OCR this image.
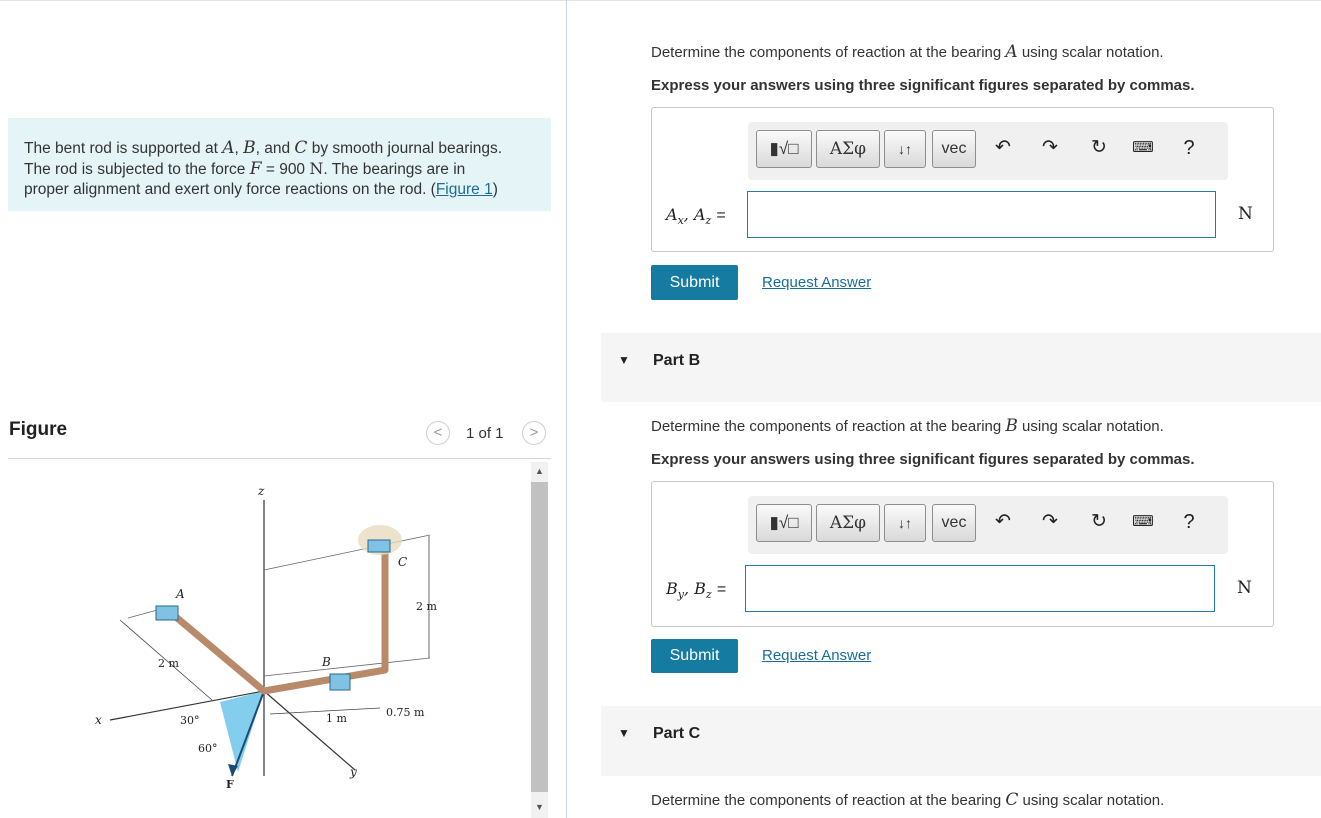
The bent rod is supported at A, B, and C by smooth journal bearings.
The rod is subjected to the force F = 900 N. The bearings are in
proper alignment and exert only force reactions on the rod. (Figure 1)
Figure	<	1 of 1	>
z
x
y
A
B
C
F
2 m
2 m
1 m	0.75 m
30°
60°
▲
▼
Determine the components of reaction at the bearing A using scalar notation.
Express your answers using three significant figures separated by commas.
▮√□	ΑΣφ	↓↑	vec	↶	↷	↻	⌨	?
$A_x$, $A_z$ =	N
Submit	Request Answer
▼ Part B
Determine the components of reaction at the bearing B using scalar notation.
Express your answers using three significant figures separated by commas.
▮√□	ΑΣφ	↓↑	vec	↶	↷	↻	⌨	?
$B_y$, $B_z$ =	N
Submit	Request Answer
▼ Part C
Determine the components of reaction at the bearing C using scalar notation.
